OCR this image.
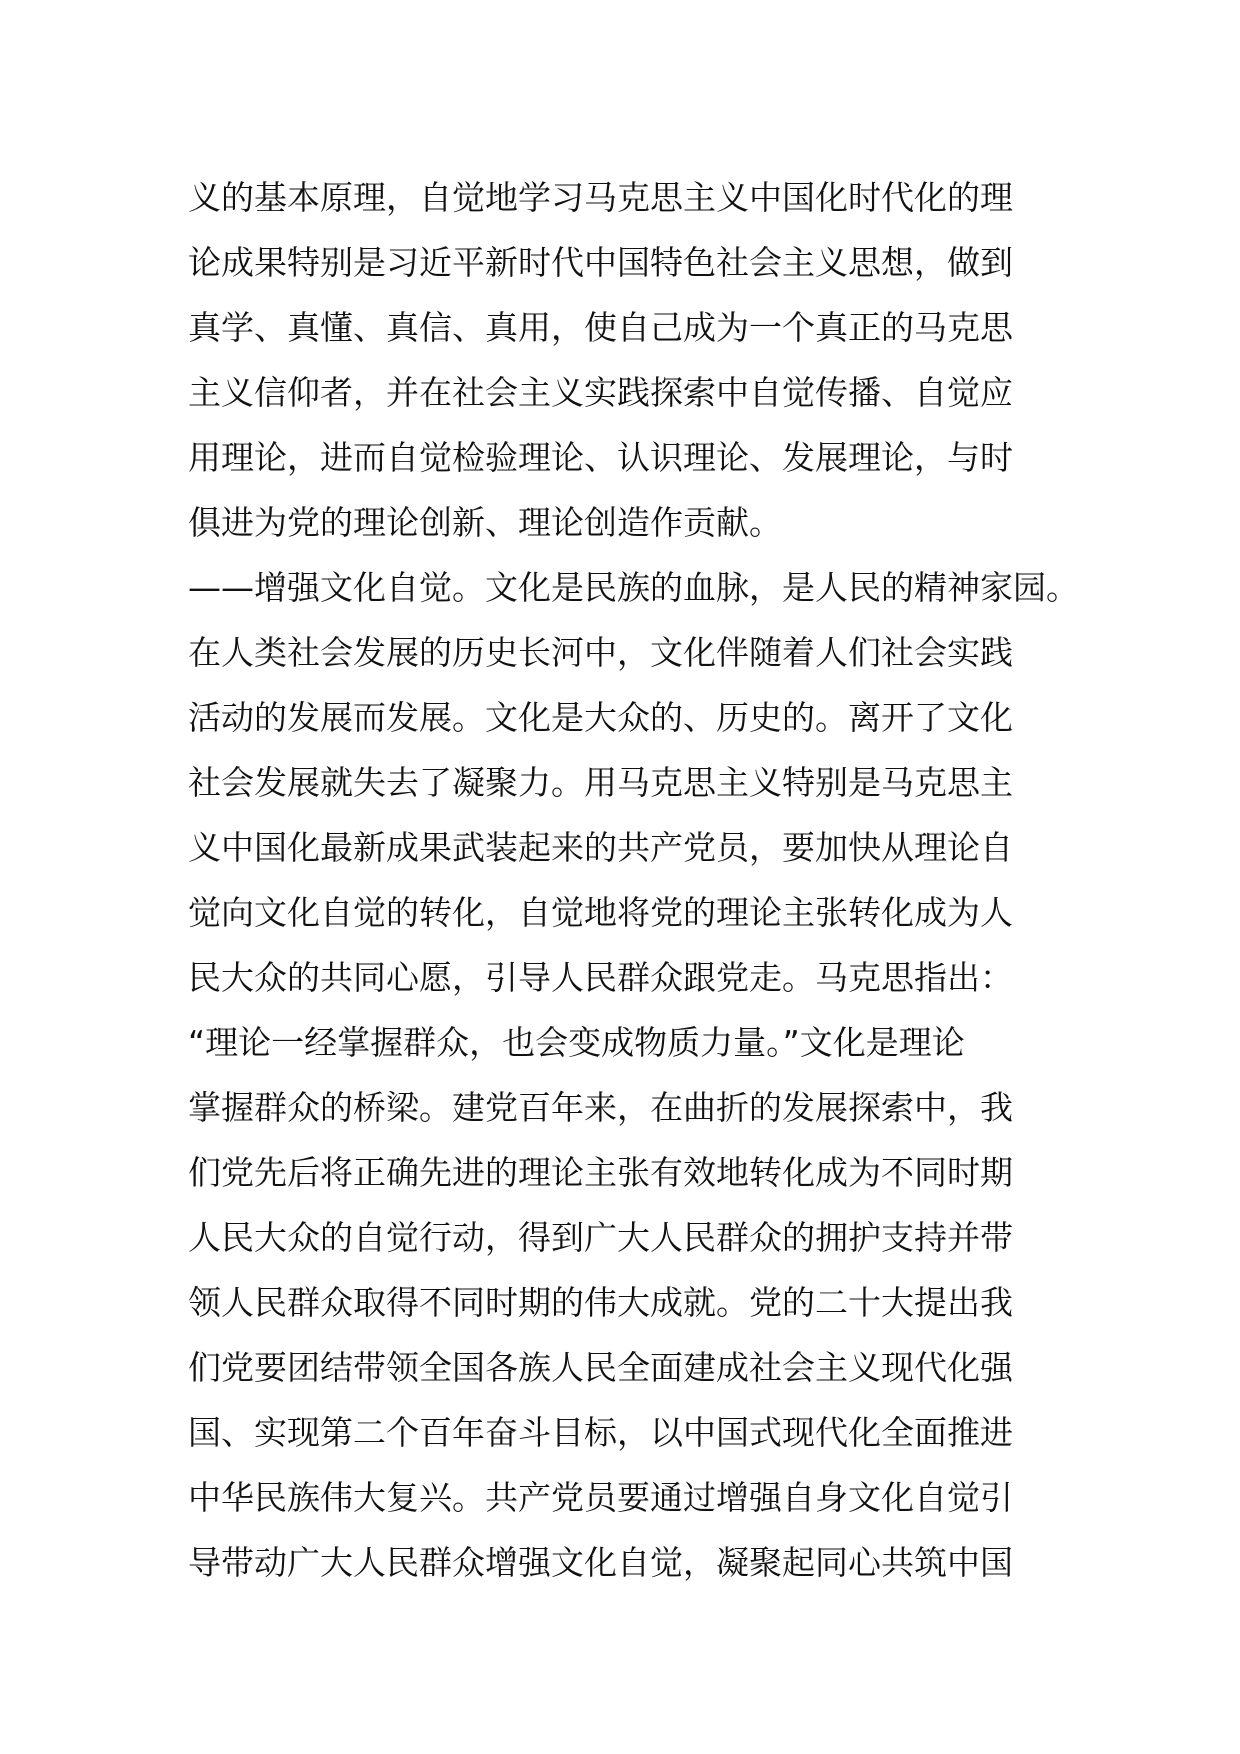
义的基本原理，自觉地学习马克思主义中国化时代化的理
论成果特别是习近平新时代中国特色社会主义思想，做到
真学、真懂、真信、真用，使自己成为一个真正的马克思
主义信仰者，并在社会主义实践探索中自觉传播、自觉应
用理论，进而自觉检验理论、认识理论、发展理论，与时
俱进为党的理论创新、理论创造作贡献。
——增强文化自觉。文化是民族的血脉，是人民的精神家园。
在人类社会发展的历史长河中，文化伴随着人们社会实践
活动的发展而发展。文化是大众的、历史的。离开了文化
社会发展就失去了凝聚力。用马克思主义特别是马克思主
义中国化最新成果武装起来的共产党员，要加快从理论自
觉向文化自觉的转化，自觉地将党的理论主张转化成为人
民大众的共同心愿，引导人民群众跟党走。马克思指出：
“理论一经掌握群众，也会变成物质力量。”文化是理论
掌握群众的桥梁。建党百年来，在曲折的发展探索中，我
们党先后将正确先进的理论主张有效地转化成为不同时期
人民大众的自觉行动，得到广大人民群众的拥护支持并带
领人民群众取得不同时期的伟大成就。党的二十大提出我
们党要团结带领全国各族人民全面建成社会主义现代化强
国、实现第二个百年奋斗目标，以中国式现代化全面推进
中华民族伟大复兴。共产党员要通过增强自身文化自觉引
导带动广大人民群众增强文化自觉，凝聚起同心共筑中国
